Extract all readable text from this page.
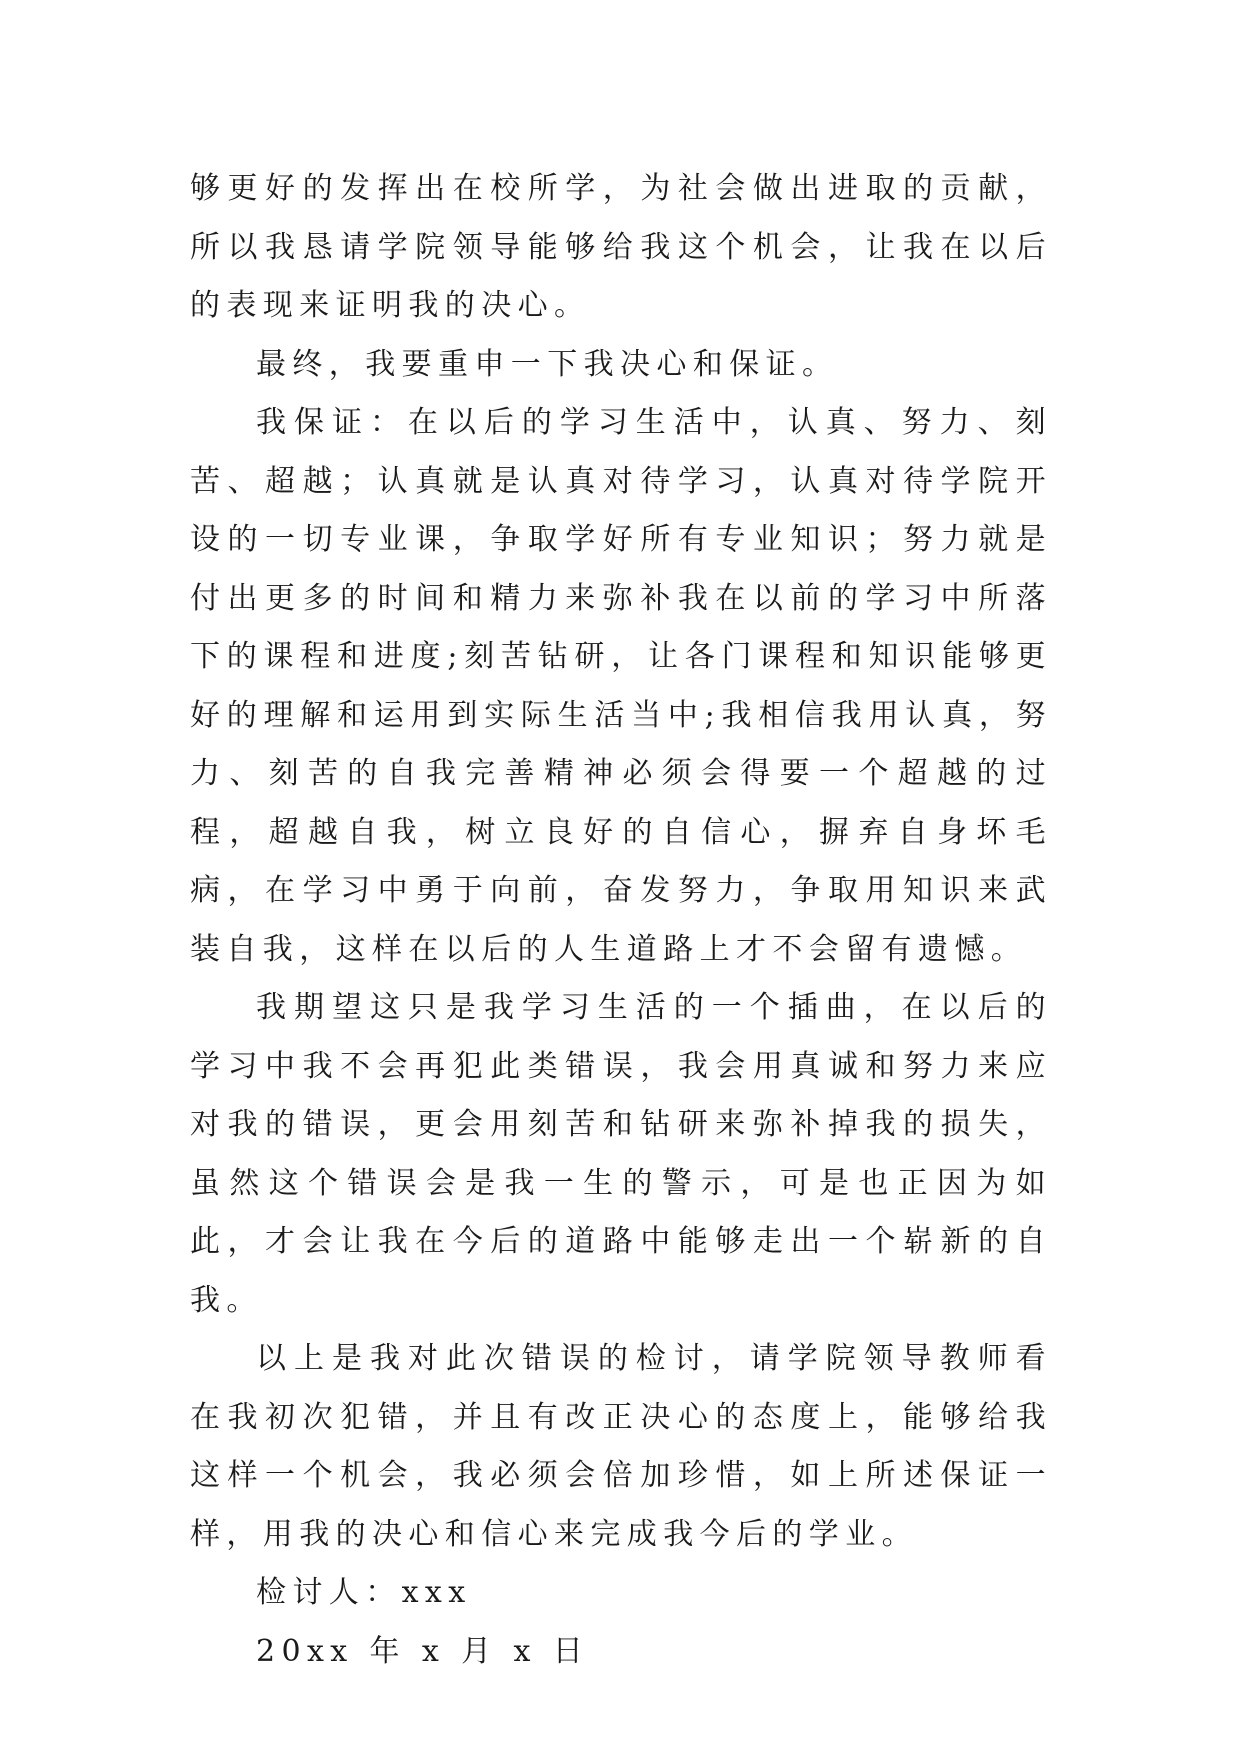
够更好的发挥出在校所学，为社会做出进取的贡献，所以我恳请学院领导能够给我这个机会，让我在以后的表现来证明我的决心。

最终，我要重申一下我决心和保证。

我保证：在以后的学习生活中，认真、努力、刻苦、超越；认真就是认真对待学习，认真对待学院开设的一切专业课，争取学好所有专业知识；努力就是付出更多的时间和精力来弥补我在以前的学习中所落下的课程和进度;刻苦钻研，让各门课程和知识能够更好的理解和运用到实际生活当中;我相信我用认真，努力、刻苦的自我完善精神必须会得要一个超越的过程，超越自我，树立良好的自信心，摒弃自身坏毛病，在学习中勇于向前，奋发努力，争取用知识来武装自我，这样在以后的人生道路上才不会留有遗憾。

我期望这只是我学习生活的一个插曲，在以后的学习中我不会再犯此类错误，我会用真诚和努力来应对我的错误，更会用刻苦和钻研来弥补掉我的损失，虽然这个错误会是我一生的警示，可是也正因为如此，才会让我在今后的道路中能够走出一个崭新的自我。

以上是我对此次错误的检讨，请学院领导教师看在我初次犯错，并且有改正决心的态度上，能够给我这样一个机会，我必须会倍加珍惜，如上所述保证一样，用我的决心和信心来完成我今后的学业。

检讨人：xxx

20xx 年 x 月 x 日
